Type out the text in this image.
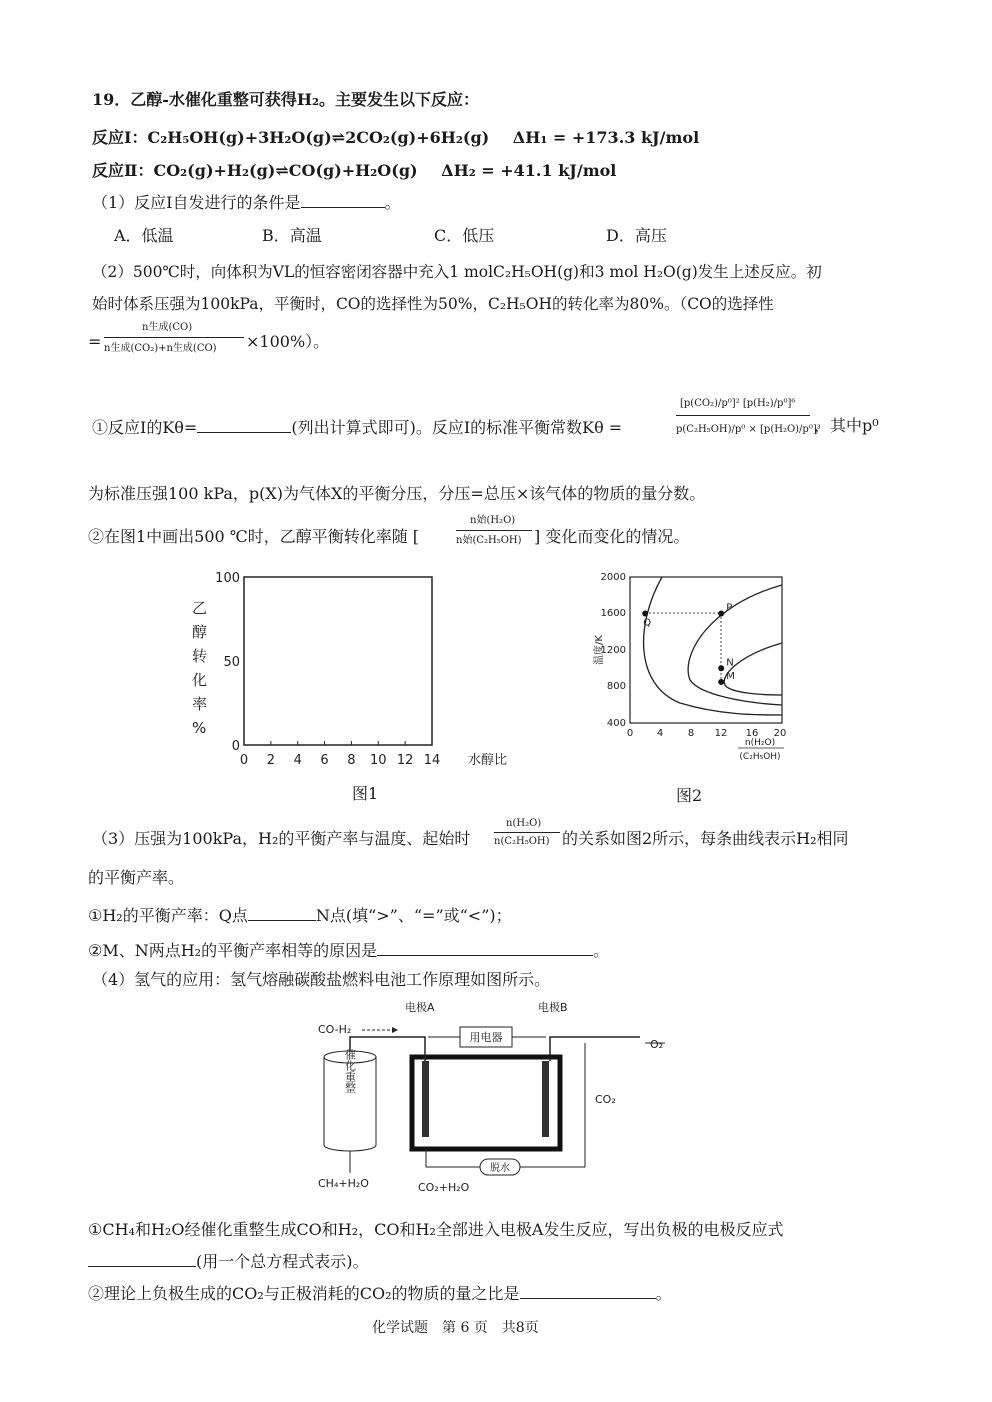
19．乙醇-水催化重整可获得H₂。主要发生以下反应：
反应Ⅰ：C₂H₅OH(g)+3H₂O(g)⇌2CO₂(g)+6H₂(g) ΔH₁ = +173.3 kJ/mol
反应Ⅱ：CO₂(g)+H₂(g)⇌CO(g)+H₂O(g) ΔH₂ = +41.1 kJ/mol
（1）反应Ⅰ自发进行的条件是	。
A．低温	B．高温	C．低压	D．高压
（2）500℃时，向体积为VL的恒容密闭容器中充入1 molC₂H₅OH(g)和3 mol H₂O(g)发生上述反应。初
始时体系压强为100kPa，平衡时，CO的选择性为50%，C₂H₅OH的转化率为80%。（CO的选择性
=
n生成(CO)
n生成(CO₂)+n生成(CO) ×100%）。
①反应Ⅰ的Kθ=	(列出计算式即可)。反应Ⅰ的标准平衡常数Kθ =
[p(CO₂)/p⁰]² [p(H₂)/p⁰]⁶
p(C₂H₅OH)/p⁰ × [p(H₂O)/p⁰]³
，其中p⁰
为标准压强100 kPa，p(X)为气体X的平衡分压，分压=总压×该气体的物质的量分数。
②在图1中画出500 ℃时，乙醇平衡转化率随 [
n始(H₂O)
n始(C₂H₅OH) ] 变化而变化的情况。
100
50
0
0 2 4 6 8 10 12 14 水醇比
乙
醇
转
化
率
%
图1
2000
1600
1200
800
400
0 4 8 12 16 20
温度/K
n(H₂O)
(C₂H₅OH)
Q
P
N
M
图2
（3）压强为100kPa，H₂的平衡产率与温度、起始时
n(H₂O)
n(C₂H₅OH) 的关系如图2所示，每条曲线表示H₂相同
的平衡产率。
①H₂的平衡产率：Q点	N点(填“>”、“=”或“<”)；
②M、N两点H₂的平衡产率相等的原因是	。
（4）氢气的应用：氢气熔融碳酸盐燃料电池工作原理如图所示。
CO-H₂
电极A	电极B
O₂
CO₂
CH₄+H₂O	CO₂+H₂O
用电器
催化重整
脱水
①CH₄和H₂O经催化重整生成CO和H₂，CO和H₂全部进入电极A发生反应，写出负极的电极反应式
(用一个总方程式表示)。
②理论上负极生成的CO₂与正极消耗的CO₂的物质的量之比是	。
化学试题　第 6 页　共8页
